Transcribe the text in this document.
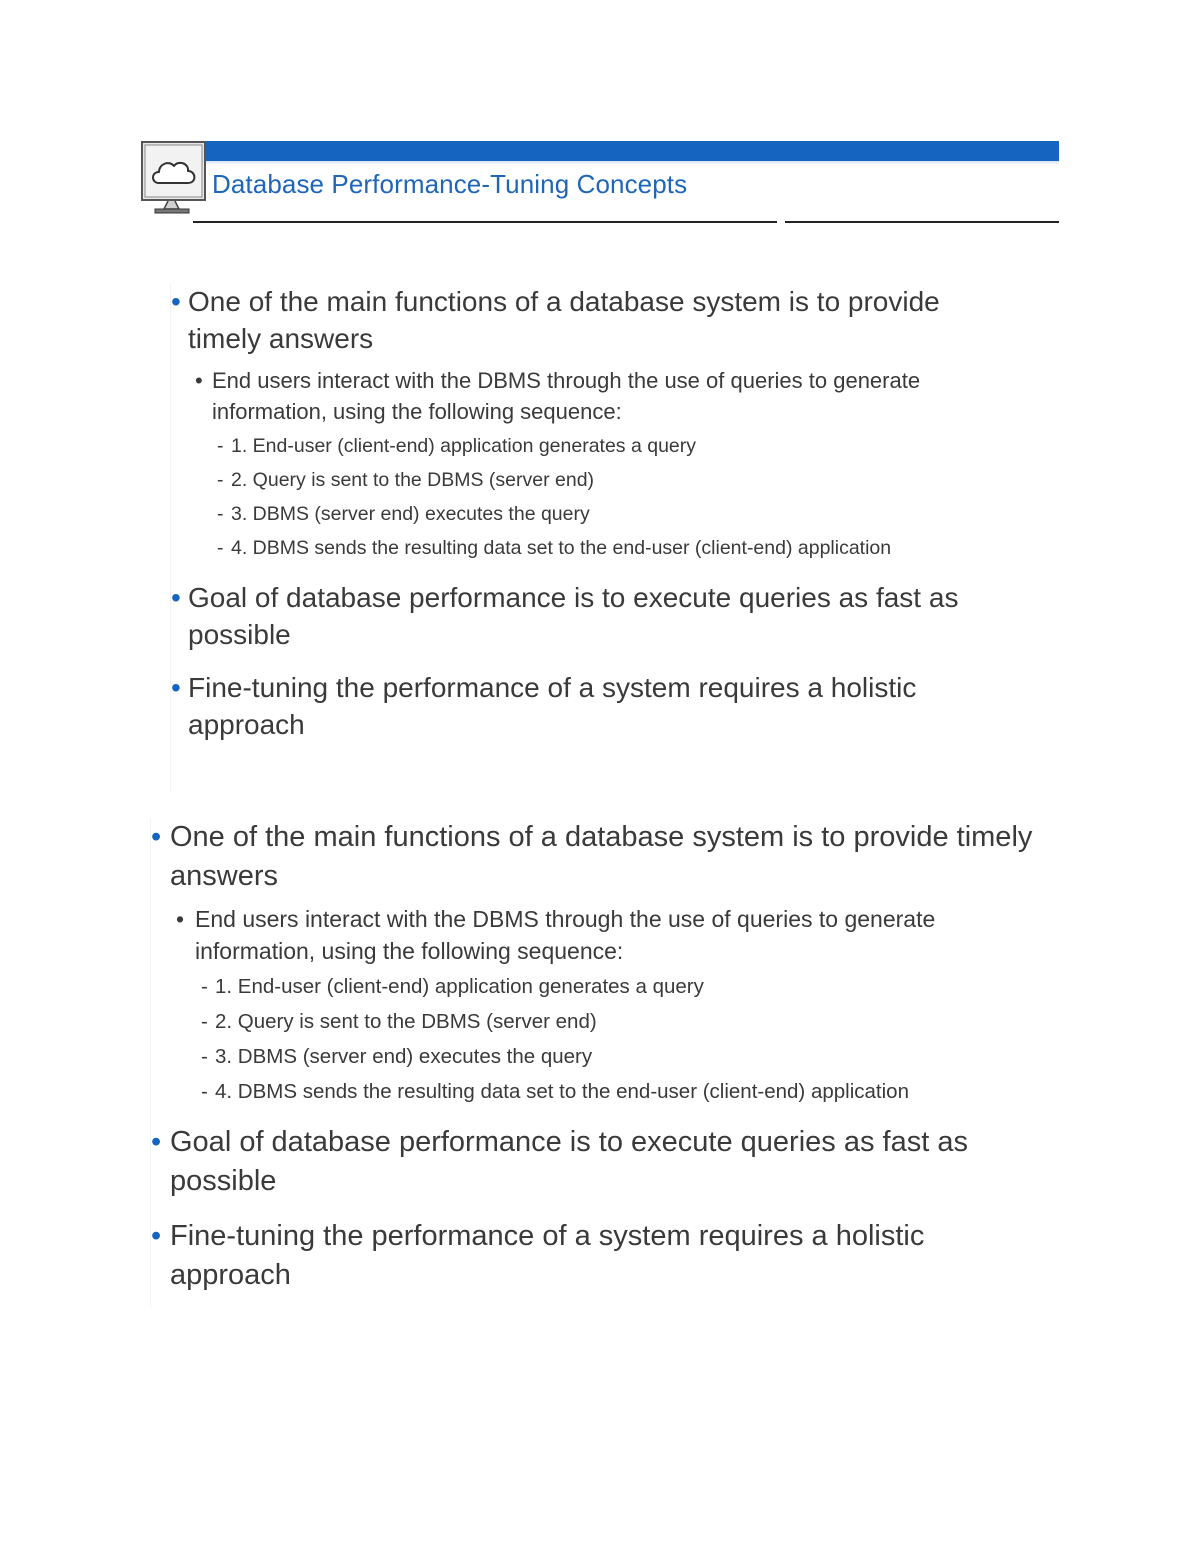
Database Performance-Tuning Concepts

• One of the main functions of a database system is to provide timely answers

• End users interact with the DBMS through the use of queries to generate information, using the following sequence:

- 1. End-user (client-end) application generates a query

- 2. Query is sent to the DBMS (server end)

- 3. DBMS (server end) executes the query

- 4. DBMS sends the resulting data set to the end-user (client-end) application

• Goal of database performance is to execute queries as fast as possible

• Fine-tuning the performance of a system requires a holistic approach

• One of the main functions of a database system is to provide timely answers

• End users interact with the DBMS through the use of queries to generate information, using the following sequence:

- 1. End-user (client-end) application generates a query

- 2. Query is sent to the DBMS (server end)

- 3. DBMS (server end) executes the query

- 4. DBMS sends the resulting data set to the end-user (client-end) application

• Goal of database performance is to execute queries as fast as possible

• Fine-tuning the performance of a system requires a holistic approach
